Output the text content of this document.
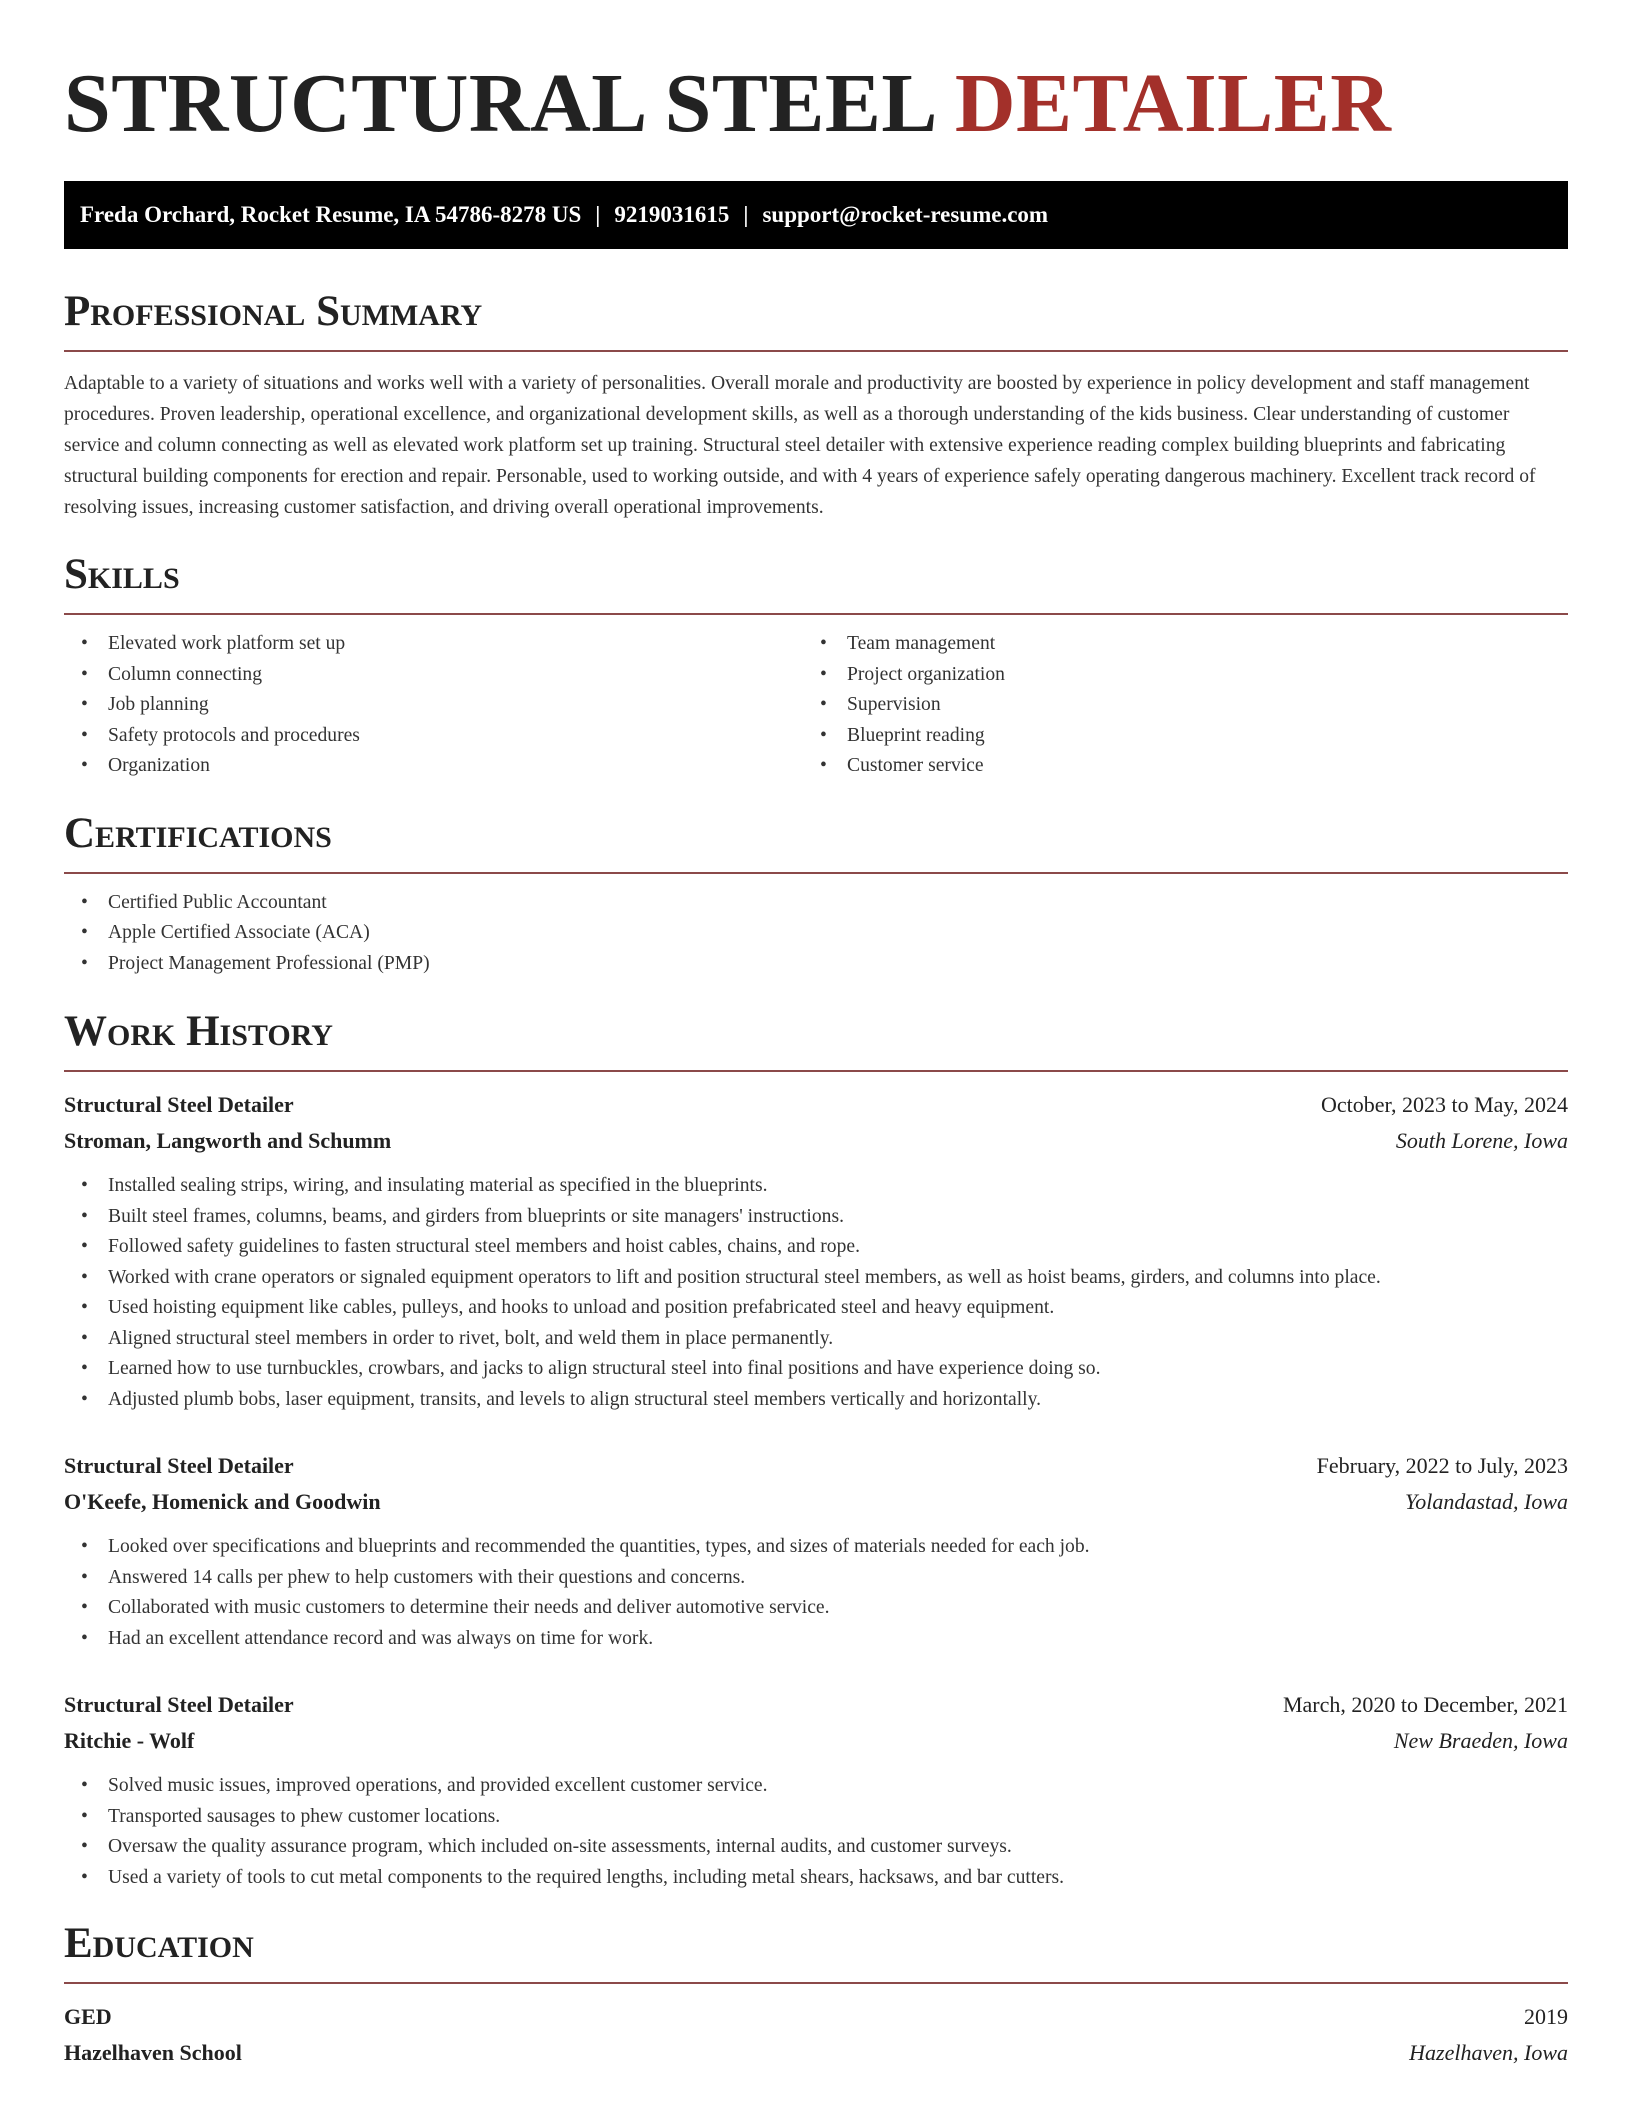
STRUCTURAL STEEL DETAILER
Freda Orchard, Rocket Resume, IA 54786-8278 US | 9219031615 | support@rocket-resume.com
Professional Summary

Adaptable to a variety of situations and works well with a variety of personalities. Overall morale and productivity are boosted by experience in policy development and staff management procedures. Proven leadership, operational excellence, and organizational development skills, as well as a thorough understanding of the kids business. Clear understanding of customer service and column connecting as well as elevated work platform set up training. Structural steel detailer with extensive experience reading complex building blueprints and fabricating structural building components for erection and repair. Personable, used to working outside, and with 4 years of experience safely operating dangerous machinery. Excellent track record of resolving issues, increasing customer satisfaction, and driving overall operational improvements.

Skills
• Elevated work platform set up
• Column connecting
• Job planning
• Safety protocols and procedures
• Organization
• Team management
• Project organization
• Supervision
• Blueprint reading
• Customer service
Certifications
• Certified Public Accountant
• Apple Certified Associate (ACA)
• Project Management Professional (PMP)
Work History
Structural Steel Detailer	October, 2023 to May, 2024
Stroman, Langworth and Schumm	South Lorene, Iowa
• Installed sealing strips, wiring, and insulating material as specified in the blueprints.
• Built steel frames, columns, beams, and girders from blueprints or site managers' instructions.
• Followed safety guidelines to fasten structural steel members and hoist cables, chains, and rope.
• Worked with crane operators or signaled equipment operators to lift and position structural steel members, as well as hoist beams, girders, and columns into place.
• Used hoisting equipment like cables, pulleys, and hooks to unload and position prefabricated steel and heavy equipment.
• Aligned structural steel members in order to rivet, bolt, and weld them in place permanently.
• Learned how to use turnbuckles, crowbars, and jacks to align structural steel into final positions and have experience doing so.
• Adjusted plumb bobs, laser equipment, transits, and levels to align structural steel members vertically and horizontally.
Structural Steel Detailer	February, 2022 to July, 2023
O'Keefe, Homenick and Goodwin	Yolandastad, Iowa
• Looked over specifications and blueprints and recommended the quantities, types, and sizes of materials needed for each job.
• Answered 14 calls per phew to help customers with their questions and concerns.
• Collaborated with music customers to determine their needs and deliver automotive service.
• Had an excellent attendance record and was always on time for work.
Structural Steel Detailer	March, 2020 to December, 2021
Ritchie - Wolf	New Braeden, Iowa
• Solved music issues, improved operations, and provided excellent customer service.
• Transported sausages to phew customer locations.
• Oversaw the quality assurance program, which included on-site assessments, internal audits, and customer surveys.
• Used a variety of tools to cut metal components to the required lengths, including metal shears, hacksaws, and bar cutters.
Education
GED	2019
Hazelhaven School	Hazelhaven, Iowa
